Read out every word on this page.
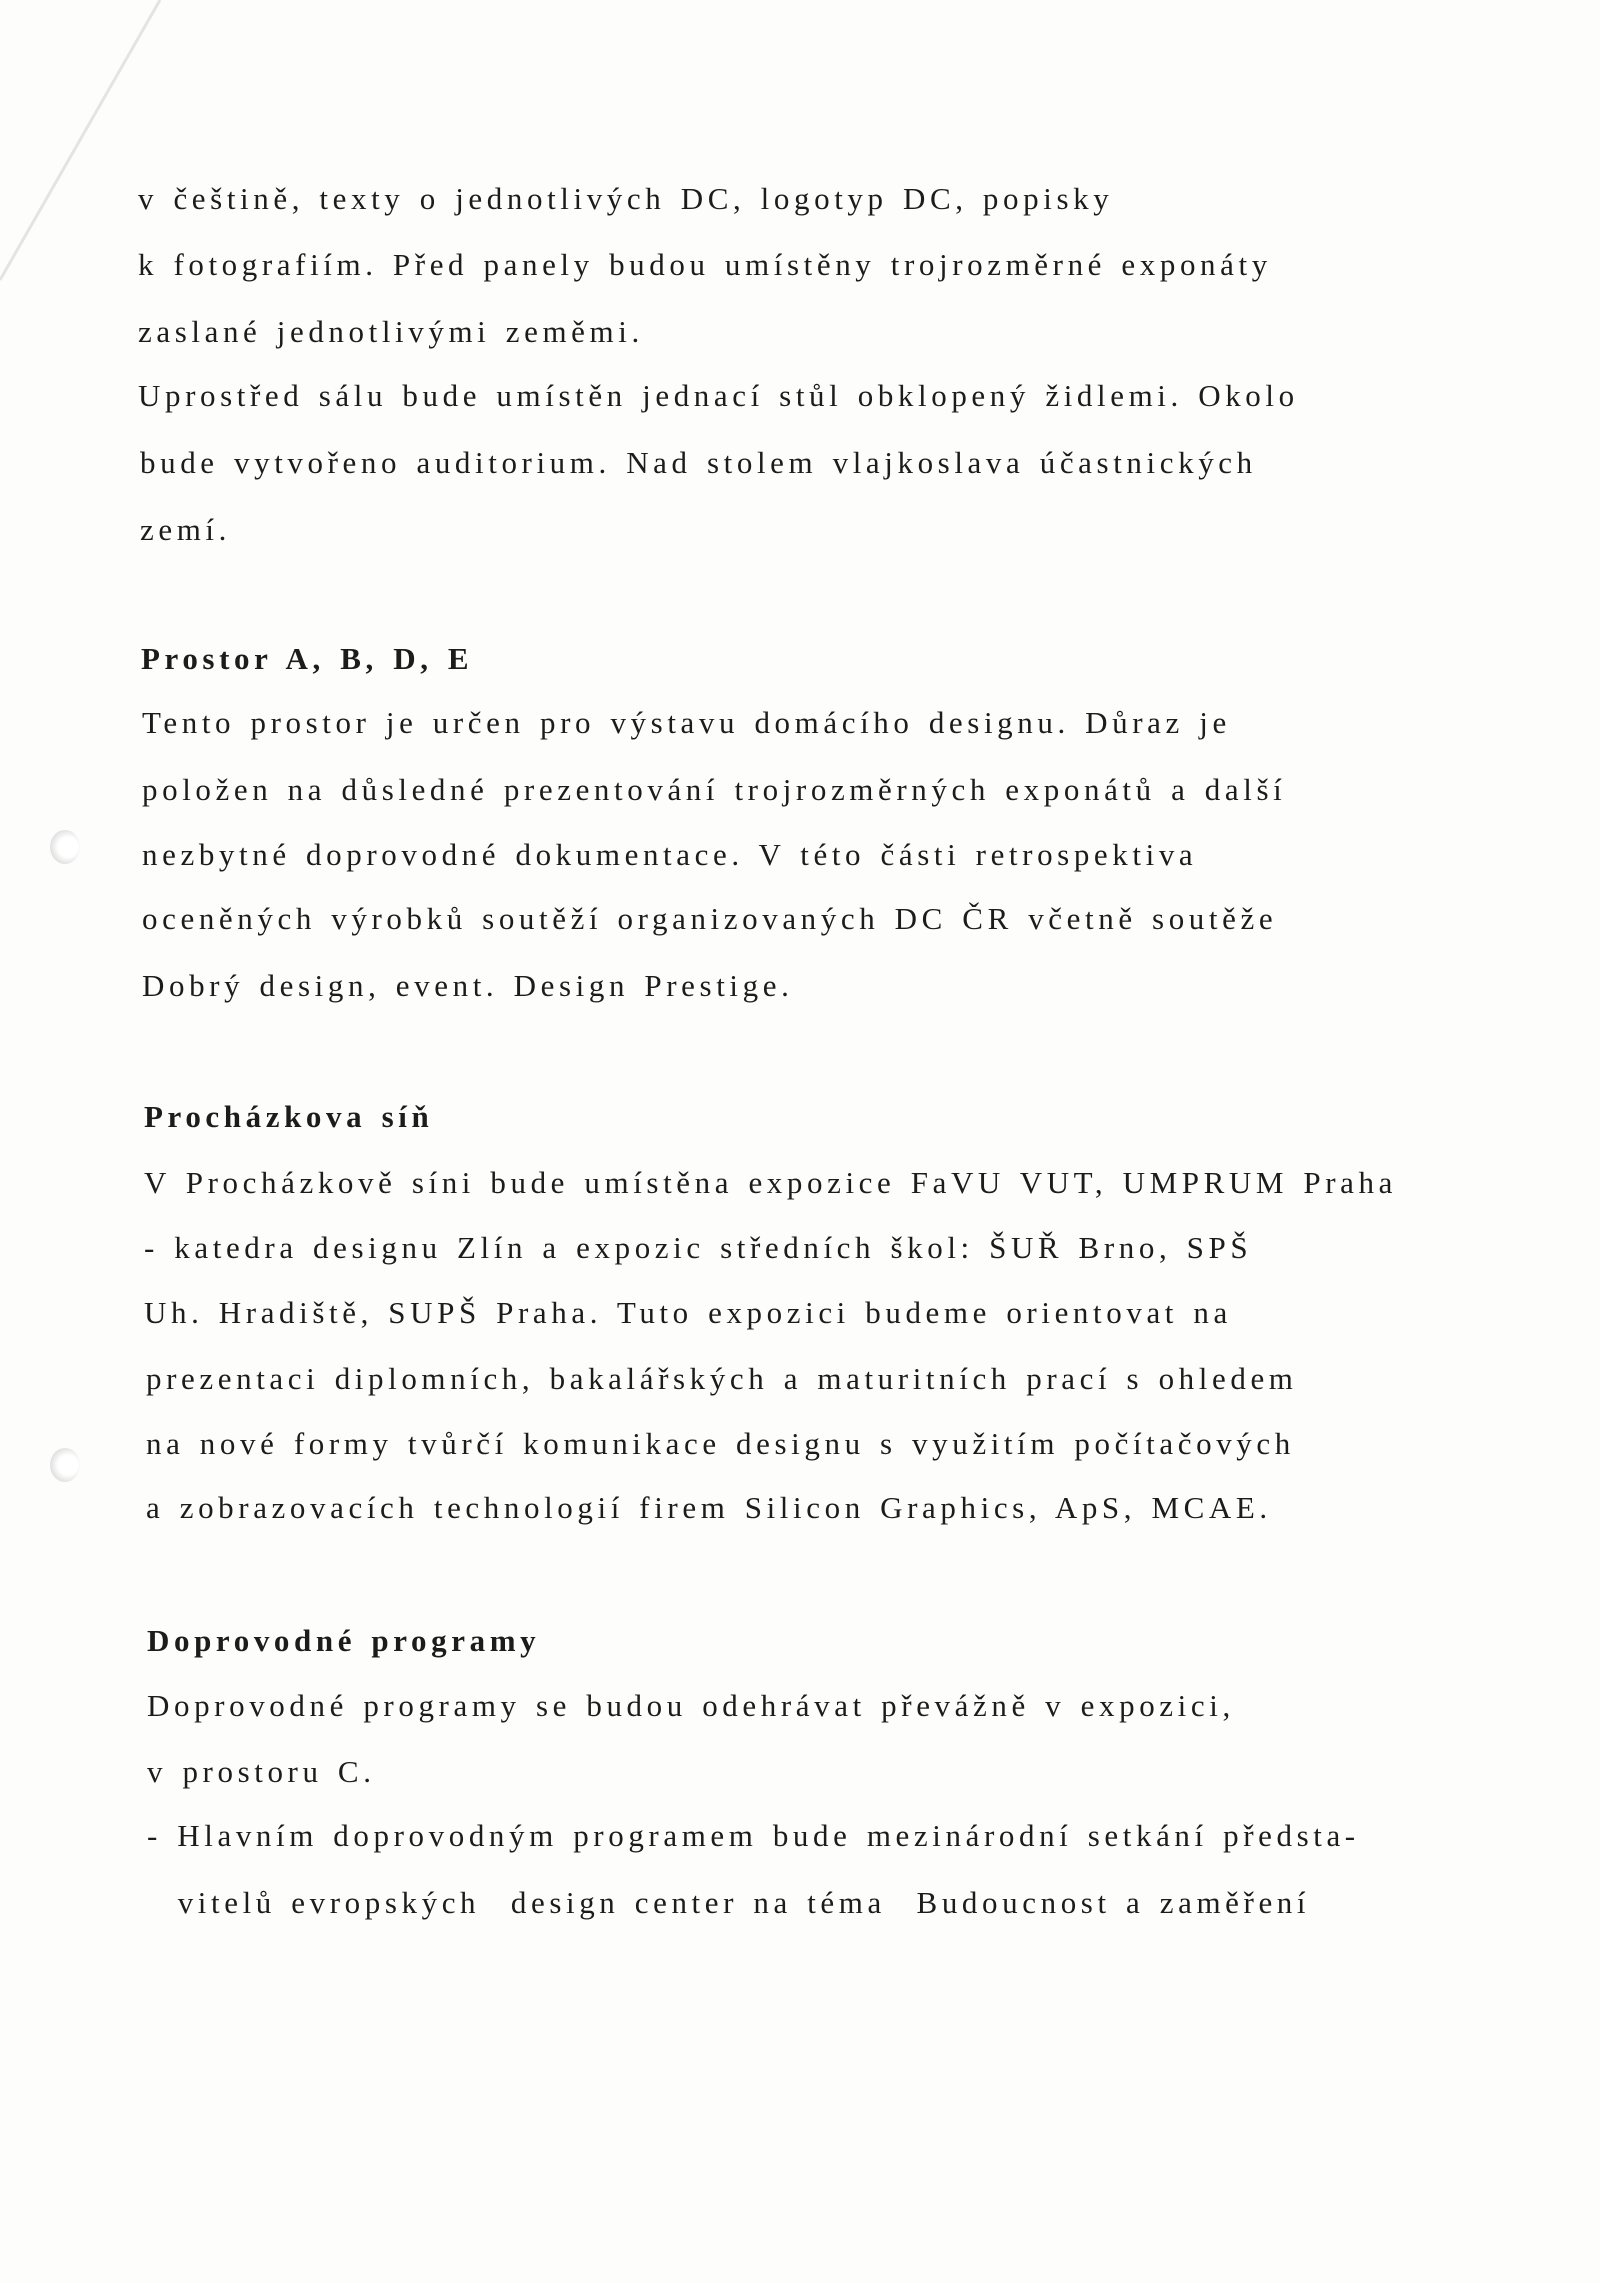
v češtině, texty o jednotlivých DC, logotyp DC, popisky
k fotografiím. Před panely budou umístěny trojrozměrné exponáty
zaslané jednotlivými zeměmi.
Uprostřed sálu bude umístěn jednací stůl obklopený židlemi. Okolo
bude vytvořeno auditorium. Nad stolem vlajkoslava účastnických
zemí.
Prostor A, B, D, E
Tento prostor je určen pro výstavu domácího designu. Důraz je
položen na důsledné prezentování trojrozměrných exponátů a další
nezbytné doprovodné dokumentace. V této části retrospektiva
oceněných výrobků soutěží organizovaných DC ČR včetně soutěže
Dobrý design, event. Design Prestige.
Procházkova síň
V Procházkově síni bude umístěna expozice FaVU VUT, UMPRUM Praha
- katedra designu Zlín a expozic středních škol: ŠUŘ Brno, SPŠ
Uh. Hradiště, SUPŠ Praha. Tuto expozici budeme orientovat na
prezentaci diplomních, bakalářských a maturitních prací s ohledem
na nové formy tvůrčí komunikace designu s využitím počítačových
a zobrazovacích technologií firem Silicon Graphics, ApS, MCAE.
Doprovodné programy
Doprovodné programy se budou odehrávat převážně v expozici,
v prostoru C.
- Hlavním doprovodným programem bude mezinárodní setkání předsta-
vitelů evropských  design center na téma  Budoucnost a zaměření
